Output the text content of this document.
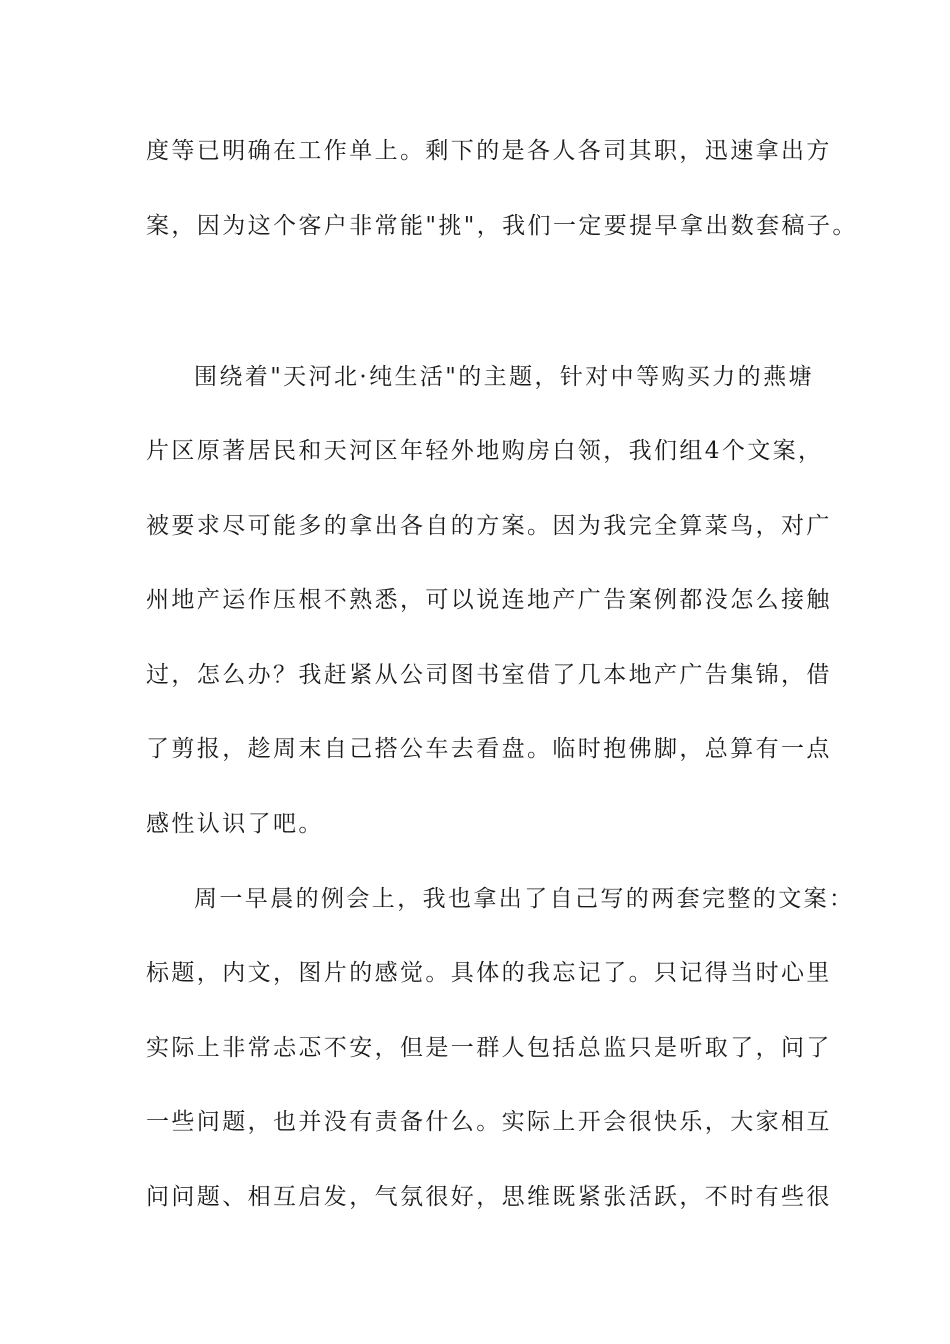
度等已明确在工作单上。剩下的是各人各司其职，迅速拿出方

案，因为这个客户非常能"挑"，我们一定要提早拿出数套稿子。

围绕着"天河北·纯生活"的主题，针对中等购买力的燕塘

片区原著居民和天河区年轻外地购房白领，我们组4个文案，

被要求尽可能多的拿出各自的方案。因为我完全算菜鸟，对广

州地产运作压根不熟悉，可以说连地产广告案例都没怎么接触

过，怎么办？我赶紧从公司图书室借了几本地产广告集锦，借

了剪报，趁周末自己搭公车去看盘。临时抱佛脚，总算有一点

感性认识了吧。

周一早晨的例会上，我也拿出了自己写的两套完整的文案：

标题，内文，图片的感觉。具体的我忘记了。只记得当时心里

实际上非常忐忑不安，但是一群人包括总监只是听取了，问了

一些问题，也并没有责备什么。实际上开会很快乐，大家相互

问问题、相互启发，气氛很好，思维既紧张活跃，不时有些很
